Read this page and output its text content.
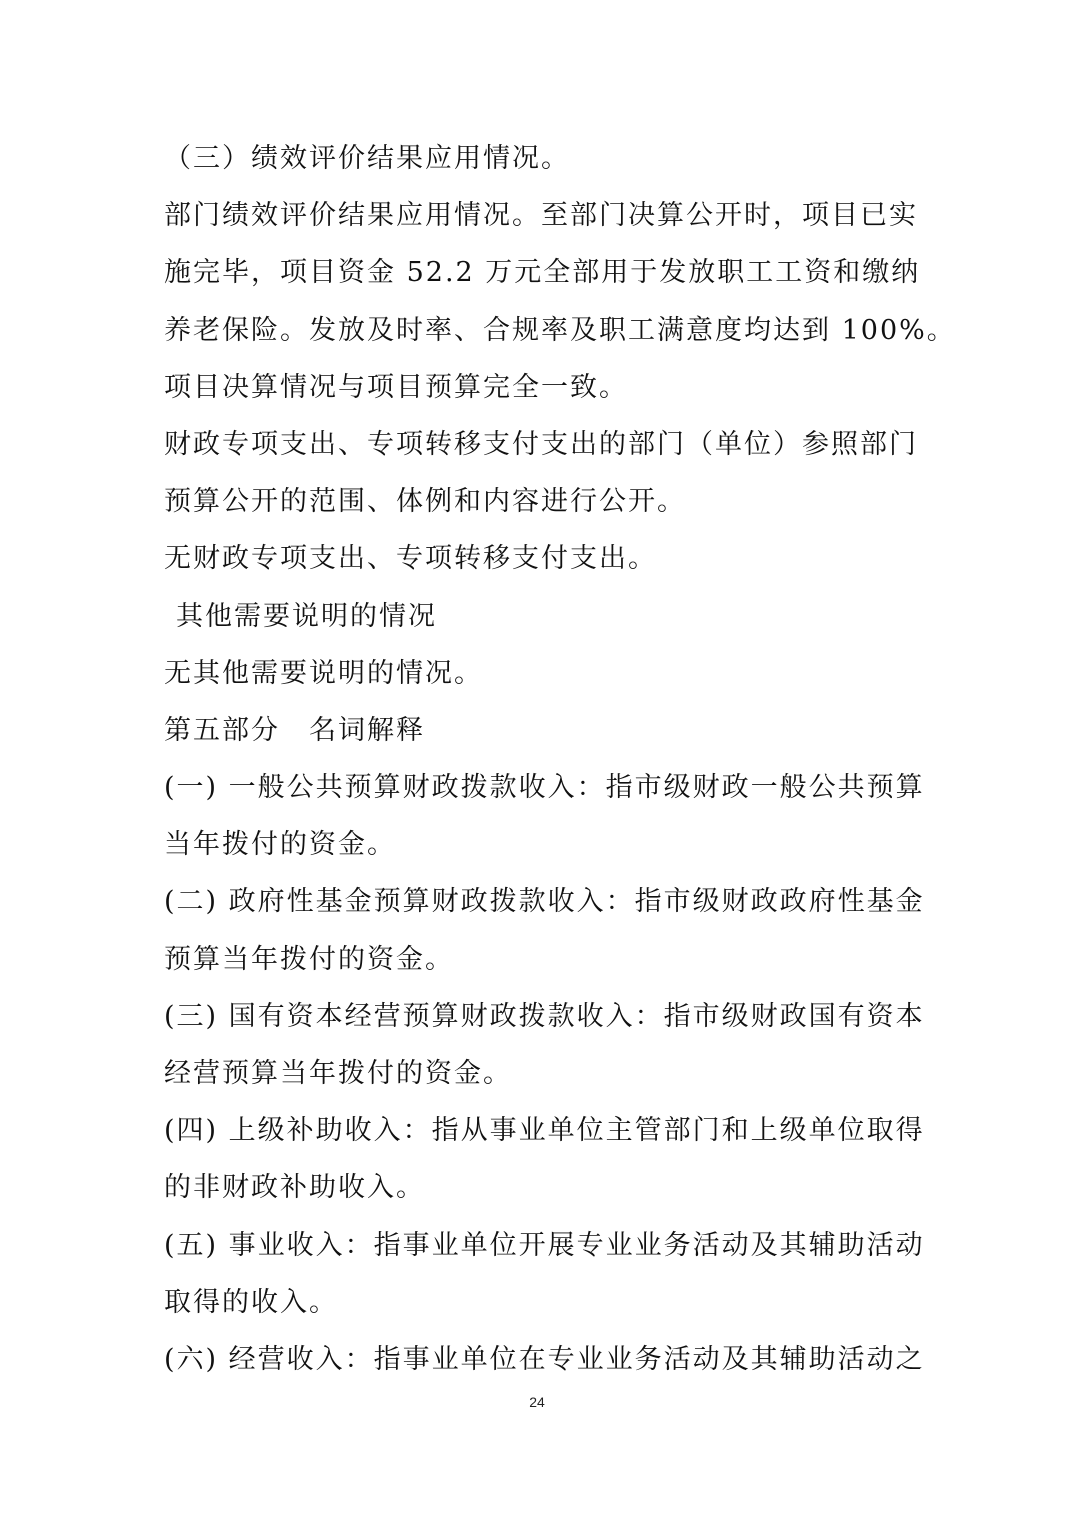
（三）绩效评价结果应用情况。
部门绩效评价结果应用情况。至部门决算公开时，项目已实
施完毕，项目资金 52.2 万元全部用于发放职工工资和缴纳
养老保险。发放及时率、合规率及职工满意度均达到 100%。
项目决算情况与项目预算完全一致。
财政专项支出、专项转移支付支出的部门（单位）参照部门
预算公开的范围、体例和内容进行公开。
无财政专项支出、专项转移支付支出。
其他需要说明的情况
无其他需要说明的情况。
第五部分　名词解释
(一) 一般公共预算财政拨款收入：指市级财政一般公共预算
当年拨付的资金。
(二) 政府性基金预算财政拨款收入：指市级财政政府性基金
预算当年拨付的资金。
(三) 国有资本经营预算财政拨款收入：指市级财政国有资本
经营预算当年拨付的资金。
(四) 上级补助收入：指从事业单位主管部门和上级单位取得
的非财政补助收入。
(五) 事业收入：指事业单位开展专业业务活动及其辅助活动
取得的收入。
(六) 经营收入：指事业单位在专业业务活动及其辅助活动之
24
